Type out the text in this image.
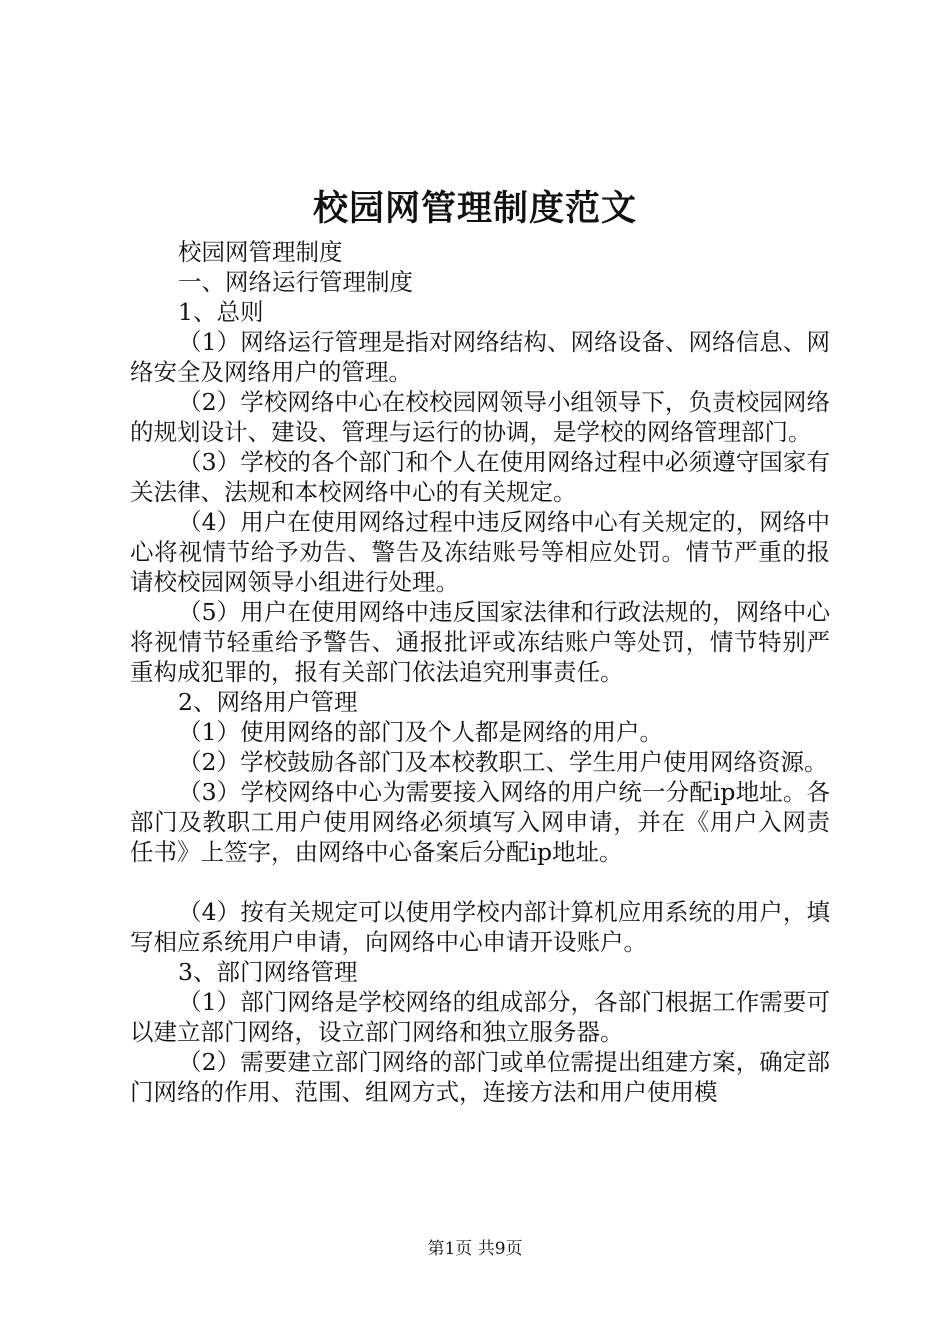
校园网管理制度范文

校园网管理制度

一、网络运行管理制度

1、总则

（1）网络运行管理是指对网络结构、网络设备、网络信息、网络安全及网络用户的管理。

（2）学校网络中心在校校园网领导小组领导下，负责校园网络的规划设计、建设、管理与运行的协调，是学校的网络管理部门。

（3）学校的各个部门和个人在使用网络过程中必须遵守国家有关法律、法规和本校网络中心的有关规定。

（4）用户在使用网络过程中违反网络中心有关规定的，网络中心将视情节给予劝告、警告及冻结账号等相应处罚。情节严重的报请校校园网领导小组进行处理。

（5）用户在使用网络中违反国家法律和行政法规的，网络中心将视情节轻重给予警告、通报批评或冻结账户等处罚，情节特别严重构成犯罪的，报有关部门依法追究刑事责任。

2、网络用户管理

（1）使用网络的部门及个人都是网络的用户。

（2）学校鼓励各部门及本校教职工、学生用户使用网络资源。

（3）学校网络中心为需要接入网络的用户统一分配ip地址。各部门及教职工用户使用网络必须填写入网申请，并在《用户入网责任书》上签字，由网络中心备案后分配ip地址。

（4）按有关规定可以使用学校内部计算机应用系统的用户，填写相应系统用户申请，向网络中心申请开设账户。

3、部门网络管理

（1）部门网络是学校网络的组成部分，各部门根据工作需要可以建立部门网络，设立部门网络和独立服务器。

（2）需要建立部门网络的部门或单位需提出组建方案，确定部门网络的作用、范围、组网方式，连接方法和用户使用模

第1页 共9页
